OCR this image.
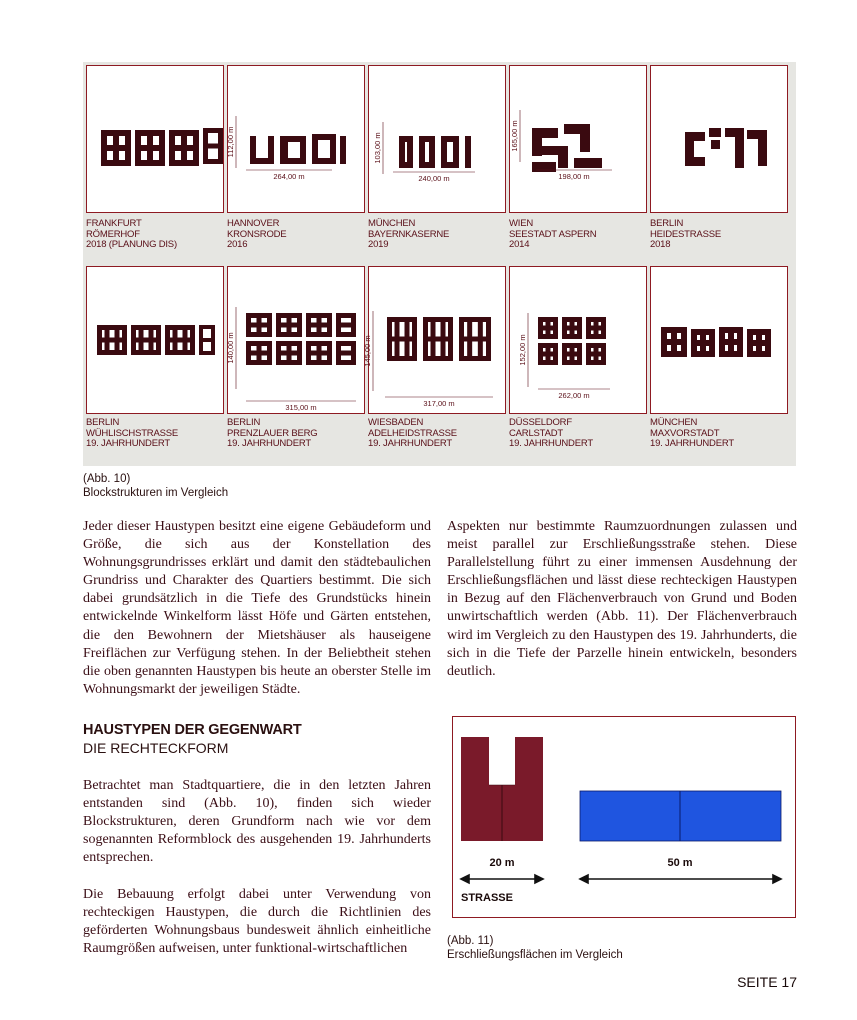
FRANKFURT
RÖMERHOF
2018 (PLANUNG DIS)
264,00 m
112,00 m
HANNOVER
KRONSRODE
2016
240,00 m
103,00 m
MÜNCHEN
BAYERNKASERNE
2019
198,00 m
165,00 m
WIEN
SEESTADT ASPERN
2014
BERLIN
HEIDESTRASSE
2018
BERLIN
WÜHLISCHSTRASSE
19. JAHRHUNDERT
315,00 m
140,00 m
BERLIN
PRENZLAUER BERG
19. JAHRHUNDERT
317,00 m
145,00 m
WIESBADEN
ADELHEIDSTRASSE
19. JAHRHUNDERT
262,00 m
152,00 m
DÜSSELDORF
CARLSTADT
19. JAHRHUNDERT
MÜNCHEN
MAXVORSTADT
19. JAHRHUNDERT
(Abb. 10)
Blockstrukturen im Vergleich

Jeder dieser Haustypen besitzt eine eigene Gebäudeform und Größe, die sich aus der Konstellation des Wohnungsgrundrisses erklärt und damit den städtebaulichen Grundriss und Charakter des Quartiers bestimmt. Die sich dabei grundsätzlich in die Tiefe des Grundstücks hinein entwickelnde Winkelform lässt Höfe und Gärten entstehen, die den Bewohnern der Mietshäuser als hauseigene Freiflächen zur Verfügung stehen. In der Beliebtheit stehen die oben genannten Haustypen bis heute an oberster Stelle im Wohnungsmarkt der jeweiligen Städte.

Aspekten nur bestimmte Raumzuordnungen zulassen und meist parallel zur Erschließungsstraße stehen. Diese Parallelstellung führt zu einer immensen Ausdehnung der Erschließungsflächen und lässt diese rechteckigen Haustypen in Bezug auf den Flächenverbrauch von Grund und Boden unwirtschaftlich werden (Abb. 11). Der Flächenverbrauch wird im Vergleich zu den Haustypen des 19. Jahrhunderts, die sich in die Tiefe der Parzelle hinein entwickeln, besonders deutlich.

HAUSTYPEN DER GEGENWART
DIE RECHTECKFORM

Betrachtet man Stadtquartiere, die in den letzten Jahren entstanden sind (Abb. 10), finden sich wieder Blockstrukturen, deren Grundform nach wie vor dem sogenannten Reformblock des ausgehenden 19. Jahrhunderts entsprechen.

Die Bebauung erfolgt dabei unter Verwendung von rechteckigen Haustypen, die durch die Richtlinien des geförderten Wohnungsbaus bundesweit ähnlich einheitliche Raumgrößen aufweisen, unter funktional-wirtschaftlichen

20 m	50 m
STRASSE
(Abb. 11)
Erschließungsflächen im Vergleich
SEITE 17
